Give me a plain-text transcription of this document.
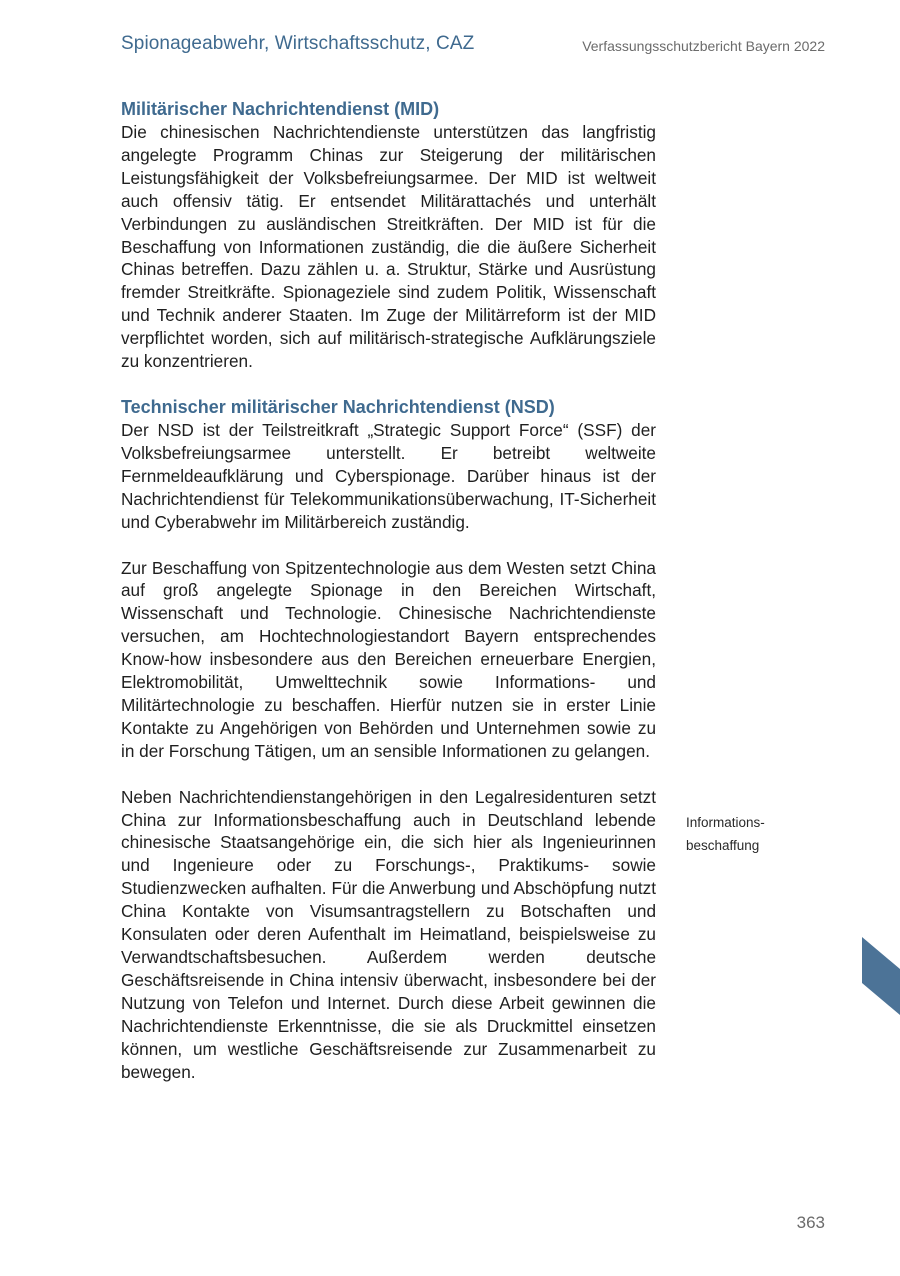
Spionageabwehr, Wirtschaftsschutz, CAZ	Verfassungsschutzbericht Bayern 2022
Militärischer Nachrichtendienst (MID)

Die chinesischen Nachrichtendienste unterstützen das langfristig angelegte Programm Chinas zur Steigerung der militärischen Leistungsfähigkeit der Volksbefreiungsarmee. Der MID ist weltweit auch offensiv tätig. Er entsendet Militärattachés und unterhält Verbindungen zu ausländischen Streitkräften. Der MID ist für die Beschaffung von Informationen zuständig, die die äußere Sicherheit Chinas betreffen. Dazu zählen u. a. Struktur, Stärke und Ausrüstung fremder Streitkräfte. Spionageziele sind zudem Politik, Wissenschaft und Technik anderer Staaten. Im Zuge der Militärreform ist der MID verpflichtet worden, sich auf militärisch-strategische Aufklärungsziele zu konzentrieren.

Technischer militärischer Nachrichtendienst (NSD)

Der NSD ist der Teilstreitkraft „Strategic Support Force“ (SSF) der Volksbefreiungsarmee unterstellt. Er betreibt weltweite Fernmeldeaufklärung und Cyberspionage. Darüber hinaus ist der Nachrichtendienst für Telekommunikationsüberwachung, IT-Sicherheit und Cyberabwehr im Militärbereich zuständig.

Zur Beschaffung von Spitzentechnologie aus dem Westen setzt China auf groß angelegte Spionage in den Bereichen Wirtschaft, Wissenschaft und Technologie. Chinesische Nachrichtendienste versuchen, am Hochtechnologiestandort Bayern entsprechendes Know-how insbesondere aus den Bereichen erneuerbare Energien, Elektromobilität, Umwelttechnik sowie Informations- und Militärtechnologie zu beschaffen. Hierfür nutzen sie in erster Linie Kontakte zu Angehörigen von Behörden und Unternehmen sowie zu in der Forschung Tätigen, um an sensible Informationen zu gelangen.

Neben Nachrichtendienstangehörigen in den Legalresidenturen setzt China zur Informationsbeschaffung auch in Deutschland lebende chinesische Staatsangehörige ein, die sich hier als Ingenieurinnen und Ingenieure oder zu Forschungs-, Praktikums- sowie Studienzwecken aufhalten. Für die Anwerbung und Abschöpfung nutzt China Kontakte von Visumsantragstellern zu Botschaften und Konsulaten oder deren Aufenthalt im Heimatland, beispielsweise zu Verwandtschaftsbesuchen. Außerdem werden deutsche Geschäftsreisende in China intensiv überwacht, insbesondere bei der Nutzung von Telefon und Internet. Durch diese Arbeit gewinnen die Nachrichtendienste Erkenntnisse, die sie als Druckmittel einsetzen können, um westliche Geschäftsreisende zur Zusammenarbeit zu bewegen.

Informations-
beschaffung
363
